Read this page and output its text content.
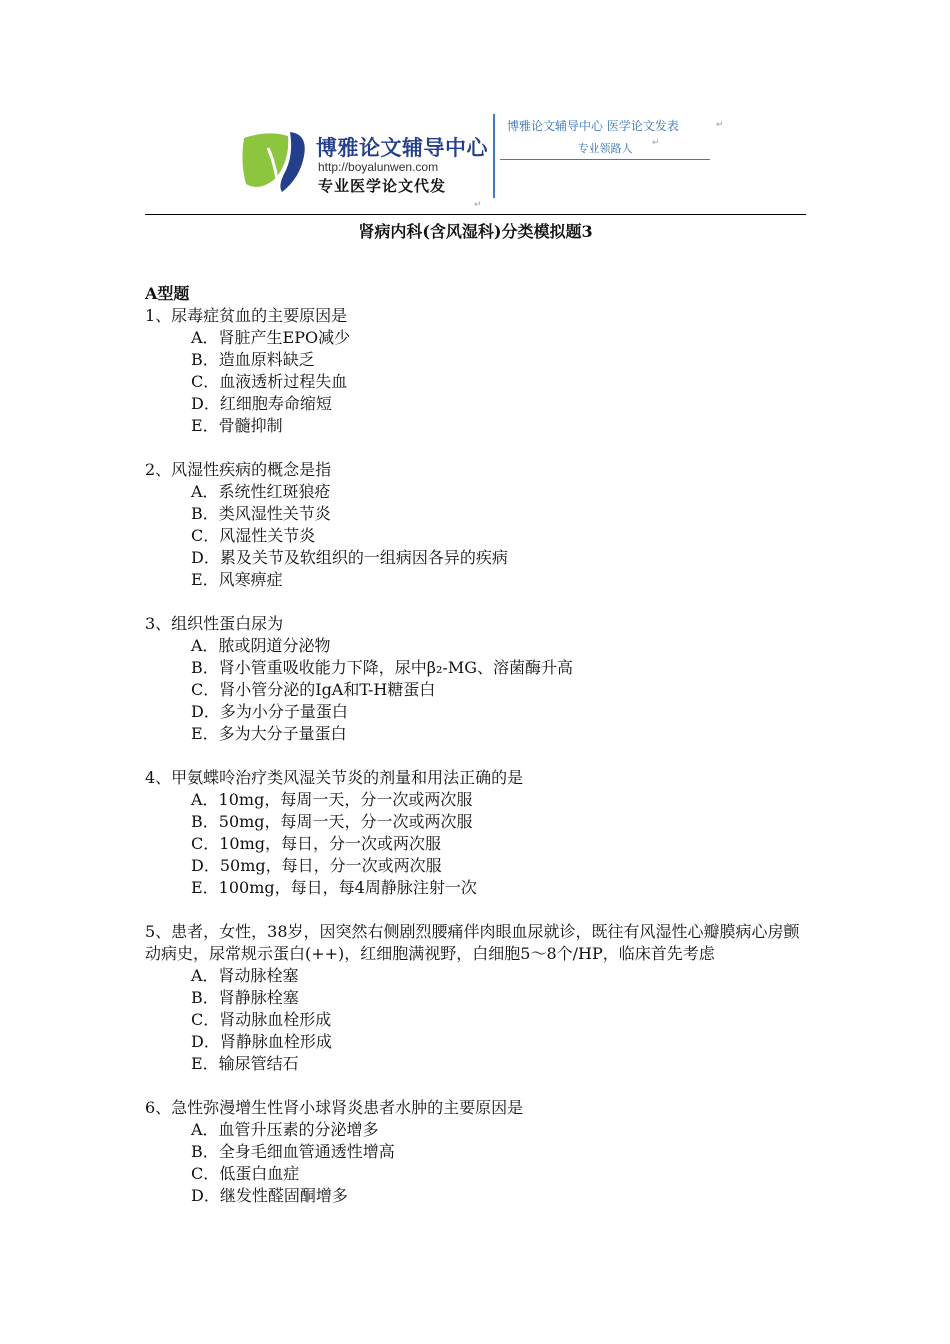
博雅论文辅导中心
http://boyalunwen.com
专业医学论文代发
博雅论文辅导中心 医学论文发表
专业领路人
↵
↵
↵
肾病内科(含风湿科)分类模拟题3
A型题
1、尿毒症贫血的主要原因是
A．肾脏产生EPO减少
B．造血原料缺乏
C．血液透析过程失血
D．红细胞寿命缩短
E．骨髓抑制
2、风湿性疾病的概念是指
A．系统性红斑狼疮
B．类风湿性关节炎
C．风湿性关节炎
D．累及关节及软组织的一组病因各异的疾病
E．风寒痹症
3、组织性蛋白尿为
A．脓或阴道分泌物
B．肾小管重吸收能力下降，尿中β₂-MG、溶菌酶升高
C．肾小管分泌的IgA和T-H糖蛋白
D．多为小分子量蛋白
E．多为大分子量蛋白
4、甲氨蝶呤治疗类风湿关节炎的剂量和用法正确的是
A．10mg，每周一天，分一次或两次服
B．50mg，每周一天，分一次或两次服
C．10mg，每日，分一次或两次服
D．50mg，每日，分一次或两次服
E．100mg，每日，每4周静脉注射一次
5、患者，女性，38岁，因突然右侧剧烈腰痛伴肉眼血尿就诊，既往有风湿性心瓣膜病心房颤动病史，尿常规示蛋白(++)，红细胞满视野，白细胞5～8个/HP，临床首先考虑
A．肾动脉栓塞
B．肾静脉栓塞
C．肾动脉血栓形成
D．肾静脉血栓形成
E．输尿管结石
6、急性弥漫增生性肾小球肾炎患者水肿的主要原因是
A．血管升压素的分泌增多
B．全身毛细血管通透性增高
C．低蛋白血症
D．继发性醛固酮增多
